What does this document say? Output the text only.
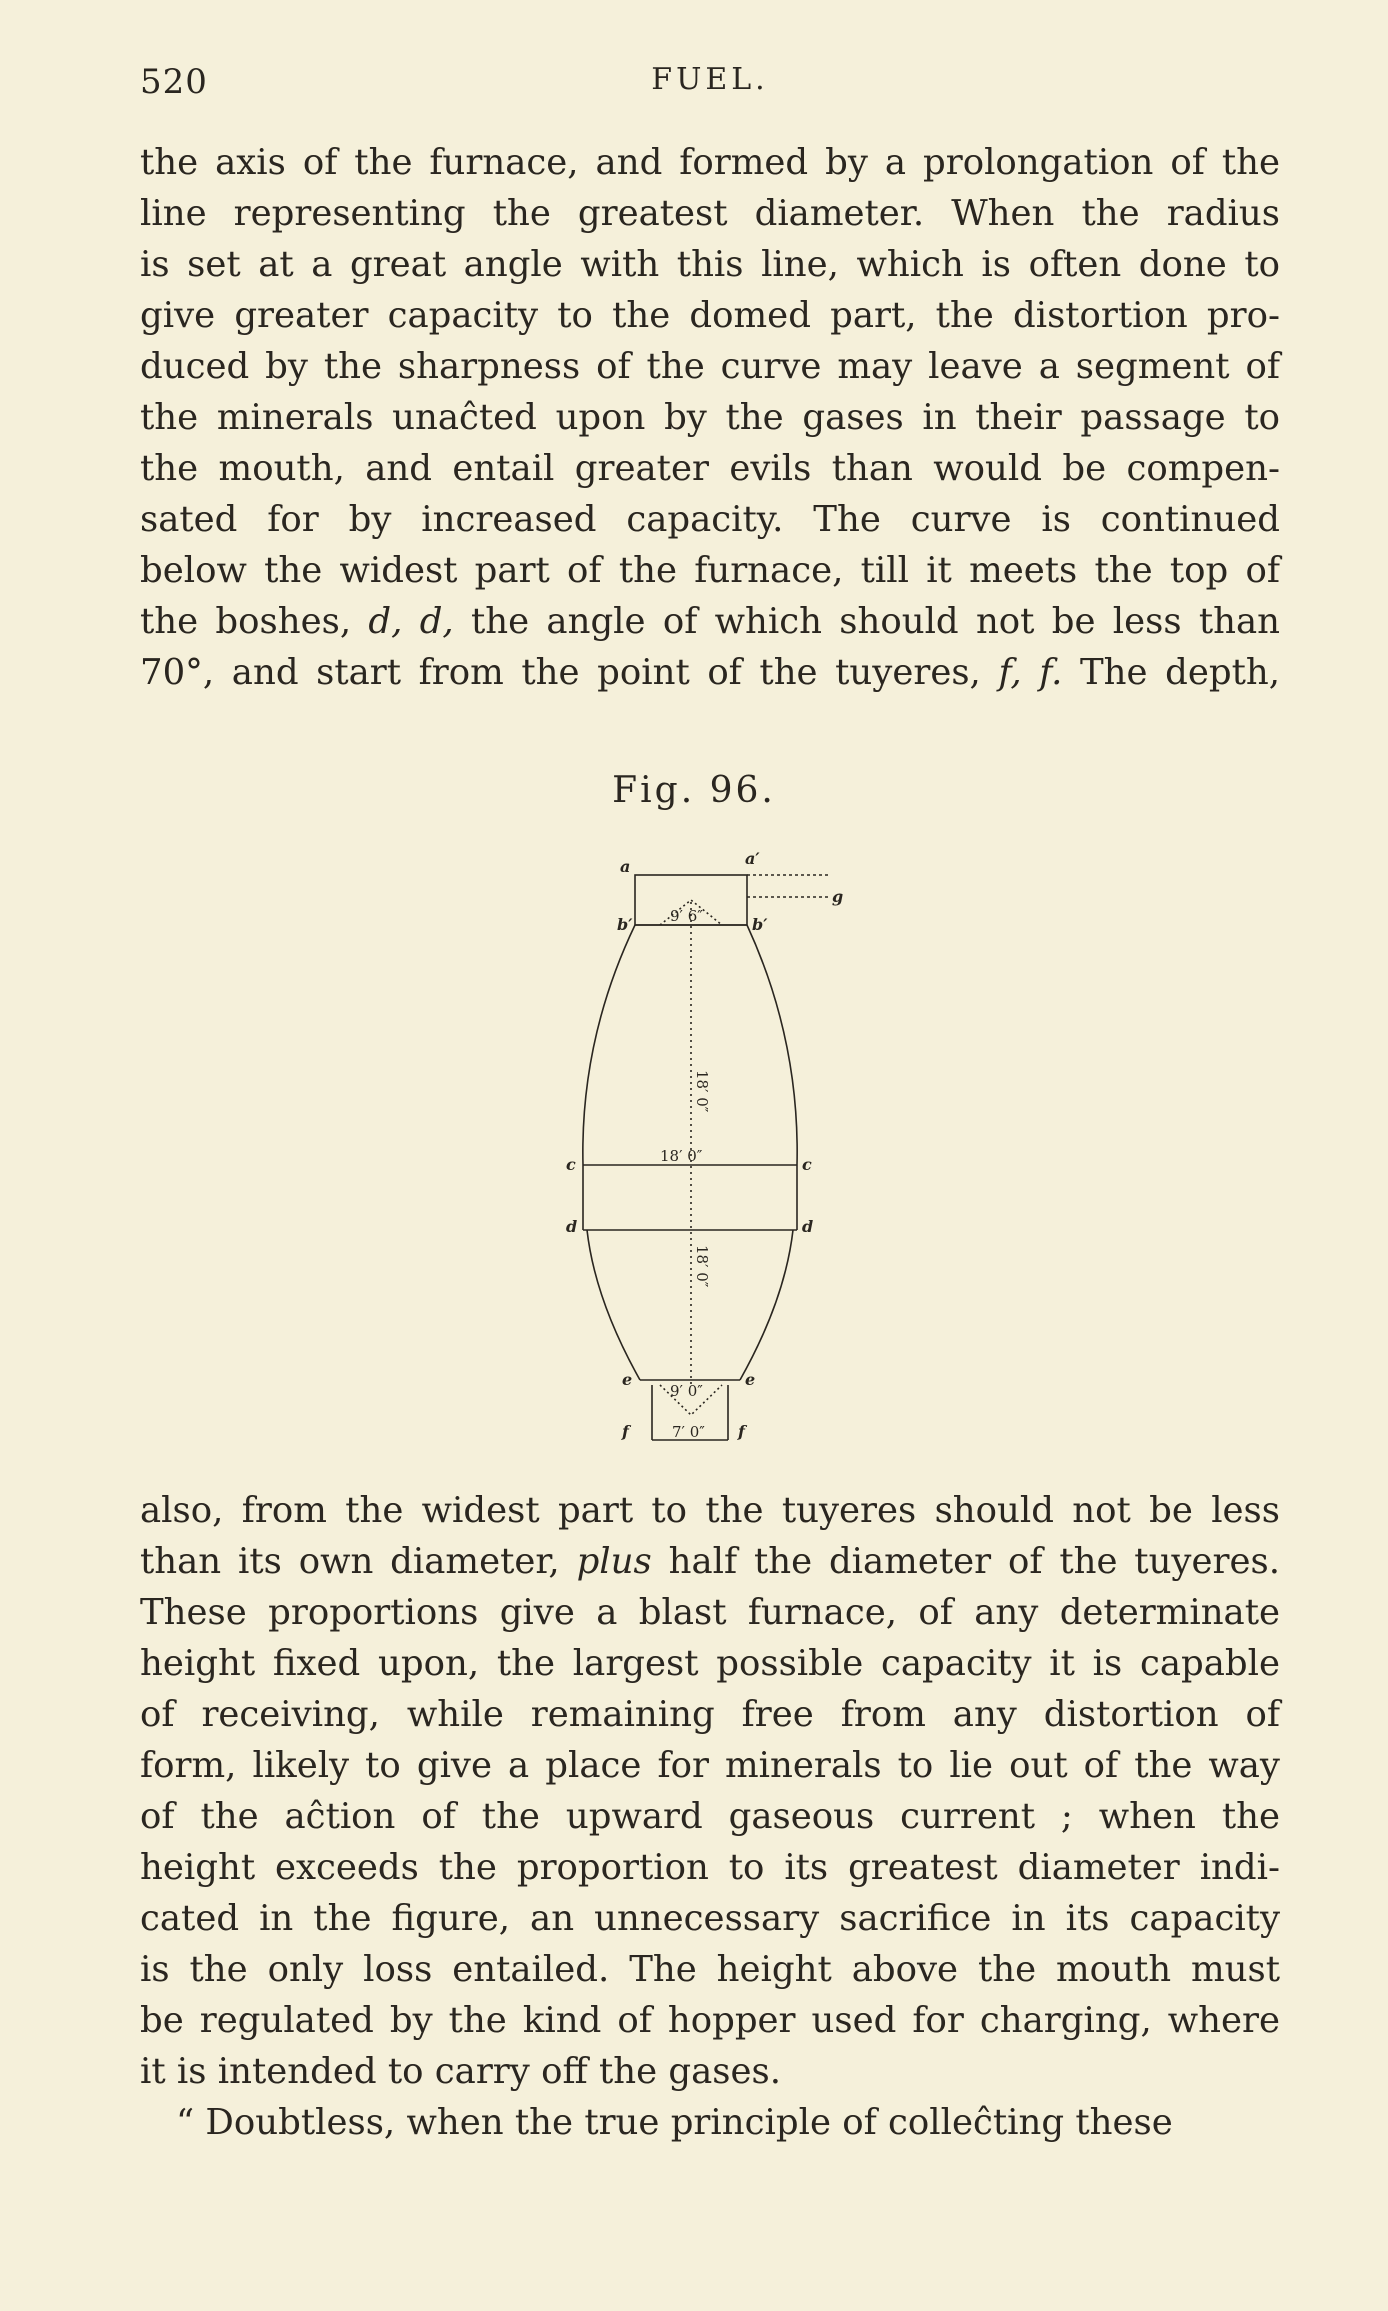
520	FUEL.
the axis of the furnace, and formed by a prolongation of the
line representing the greatest diameter. When the radius
is set at a great angle with this line, which is often done to
give greater capacity to the domed part, the distortion pro-
duced by the sharpness of the curve may leave a segment of
the minerals unaĉted upon by the gases in their passage to
the mouth, and entail greater evils than would be compen-
sated for by increased capacity. The curve is continued
below the widest part of the furnace, till it meets the top of
the boshes, d, d, the angle of which should not be less than
70°, and start from the point of the tuyeres, f, f. The depth,
Fig. 96.
a	a′
g
b′	b′
c	c
d	d
e	e
f	f
9′ 6″
18′ 0″
18′ 0″
18′ 0″
9′ 0″
7′ 0″
also, from the widest part to the tuyeres should not be less
than its own diameter, plus half the diameter of the tuyeres.
These proportions give a blast furnace, of any determinate
height fixed upon, the largest possible capacity it is capable
of receiving, while remaining free from any distortion of
form, likely to give a place for minerals to lie out of the way
of the aĉtion of the upward gaseous current ; when the
height exceeds the proportion to its greatest diameter indi-
cated in the figure, an unnecessary sacrifice in its capacity
is the only loss entailed. The height above the mouth must
be regulated by the kind of hopper used for charging, where
it is intended to carry off the gases.
“ Doubtless, when the true principle of colleĉting these
